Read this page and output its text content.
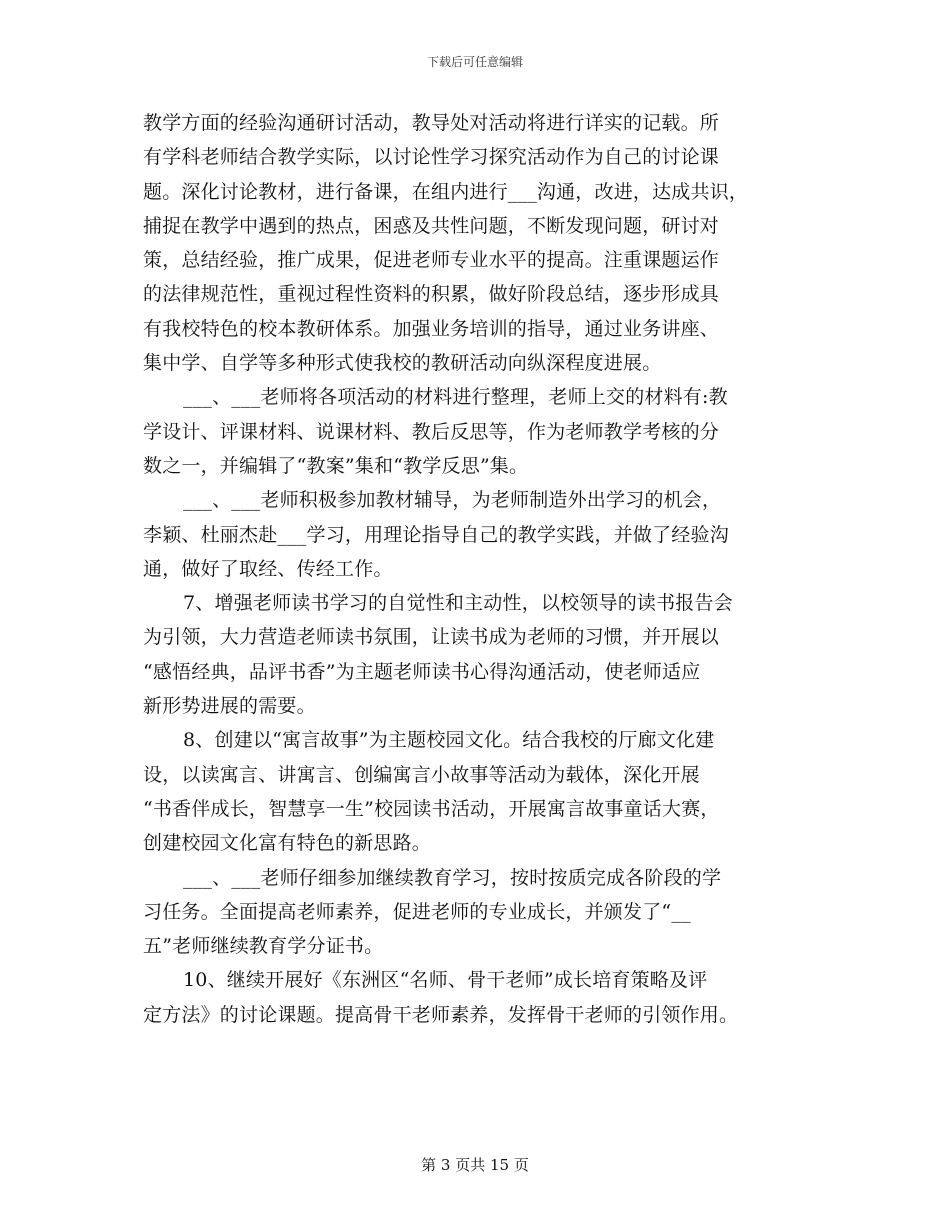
下载后可任意编辑
教学方面的经验沟通研讨活动，教导处对活动将进行详实的记载。所
有学科老师结合教学实际，以讨论性学习探究活动作为自己的讨论课
题。深化讨论教材，进行备课，在组内进行___沟通，改进，达成共识，
捕捉在教学中遇到的热点，困惑及共性问题，不断发现问题，研讨对
策，总结经验，推广成果，促进老师专业水平的提高。注重课题运作
的法律规范性，重视过程性资料的积累，做好阶段总结，逐步形成具
有我校特色的校本教研体系。加强业务培训的指导，通过业务讲座、
集中学、自学等多种形式使我校的教研活动向纵深程度进展。
___、___老师将各项活动的材料进行整理，老师上交的材料有:教
学设计、评课材料、说课材料、教后反思等，作为老师教学考核的分
数之一，并编辑了“教案”集和“教学反思”集。
___、___老师积极参加教材辅导，为老师制造外出学习的机会，
李颖、杜丽杰赴___学习，用理论指导自己的教学实践，并做了经验沟
通，做好了取经、传经工作。
7、增强老师读书学习的自觉性和主动性，以校领导的读书报告会
为引领，大力营造老师读书氛围，让读书成为老师的习惯，并开展以
“感悟经典，品评书香”为主题老师读书心得沟通活动，使老师适应
新形势进展的需要。
8、创建以“寓言故事”为主题校园文化。结合我校的厅廊文化建
设，以读寓言、讲寓言、创编寓言小故事等活动为载体，深化开展
“书香伴成长，智慧享一生”校园读书活动，开展寓言故事童话大赛，
创建校园文化富有特色的新思路。
___、___老师仔细参加继续教育学习，按时按质完成各阶段的学
习任务。全面提高老师素养，促进老师的专业成长，并颁发了“__
五”老师继续教育学分证书。
10、继续开展好《东洲区“名师、骨干老师”成长培育策略及评
定方法》的讨论课题。提高骨干老师素养，发挥骨干老师的引领作用。
第 3 页共 15 页
